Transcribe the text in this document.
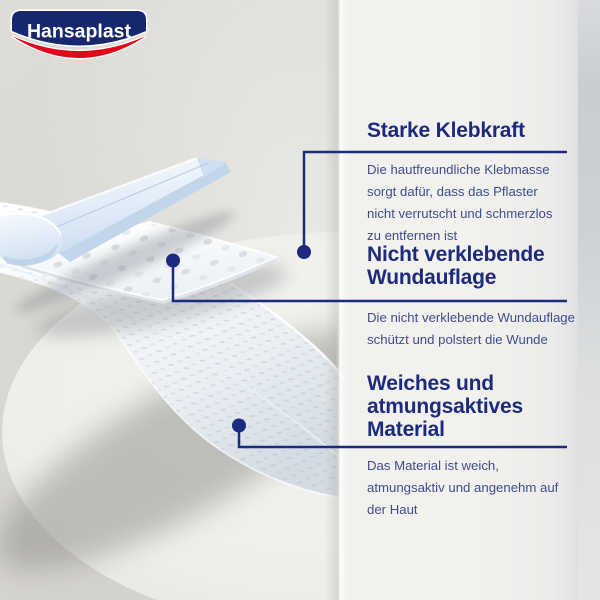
Hansaplast
Starke Klebkraft

Die hautfreundliche Klebmasse
sorgt dafür, dass das Pflaster
nicht verrutscht und schmerzlos
zu entfernen ist

Nicht verklebende
Wundauflage

Die nicht verklebende Wundauflage
schützt und polstert die Wunde

Weiches und
atmungsaktives
Material

Das Material ist weich,
atmungsaktiv und angenehm auf
der Haut
